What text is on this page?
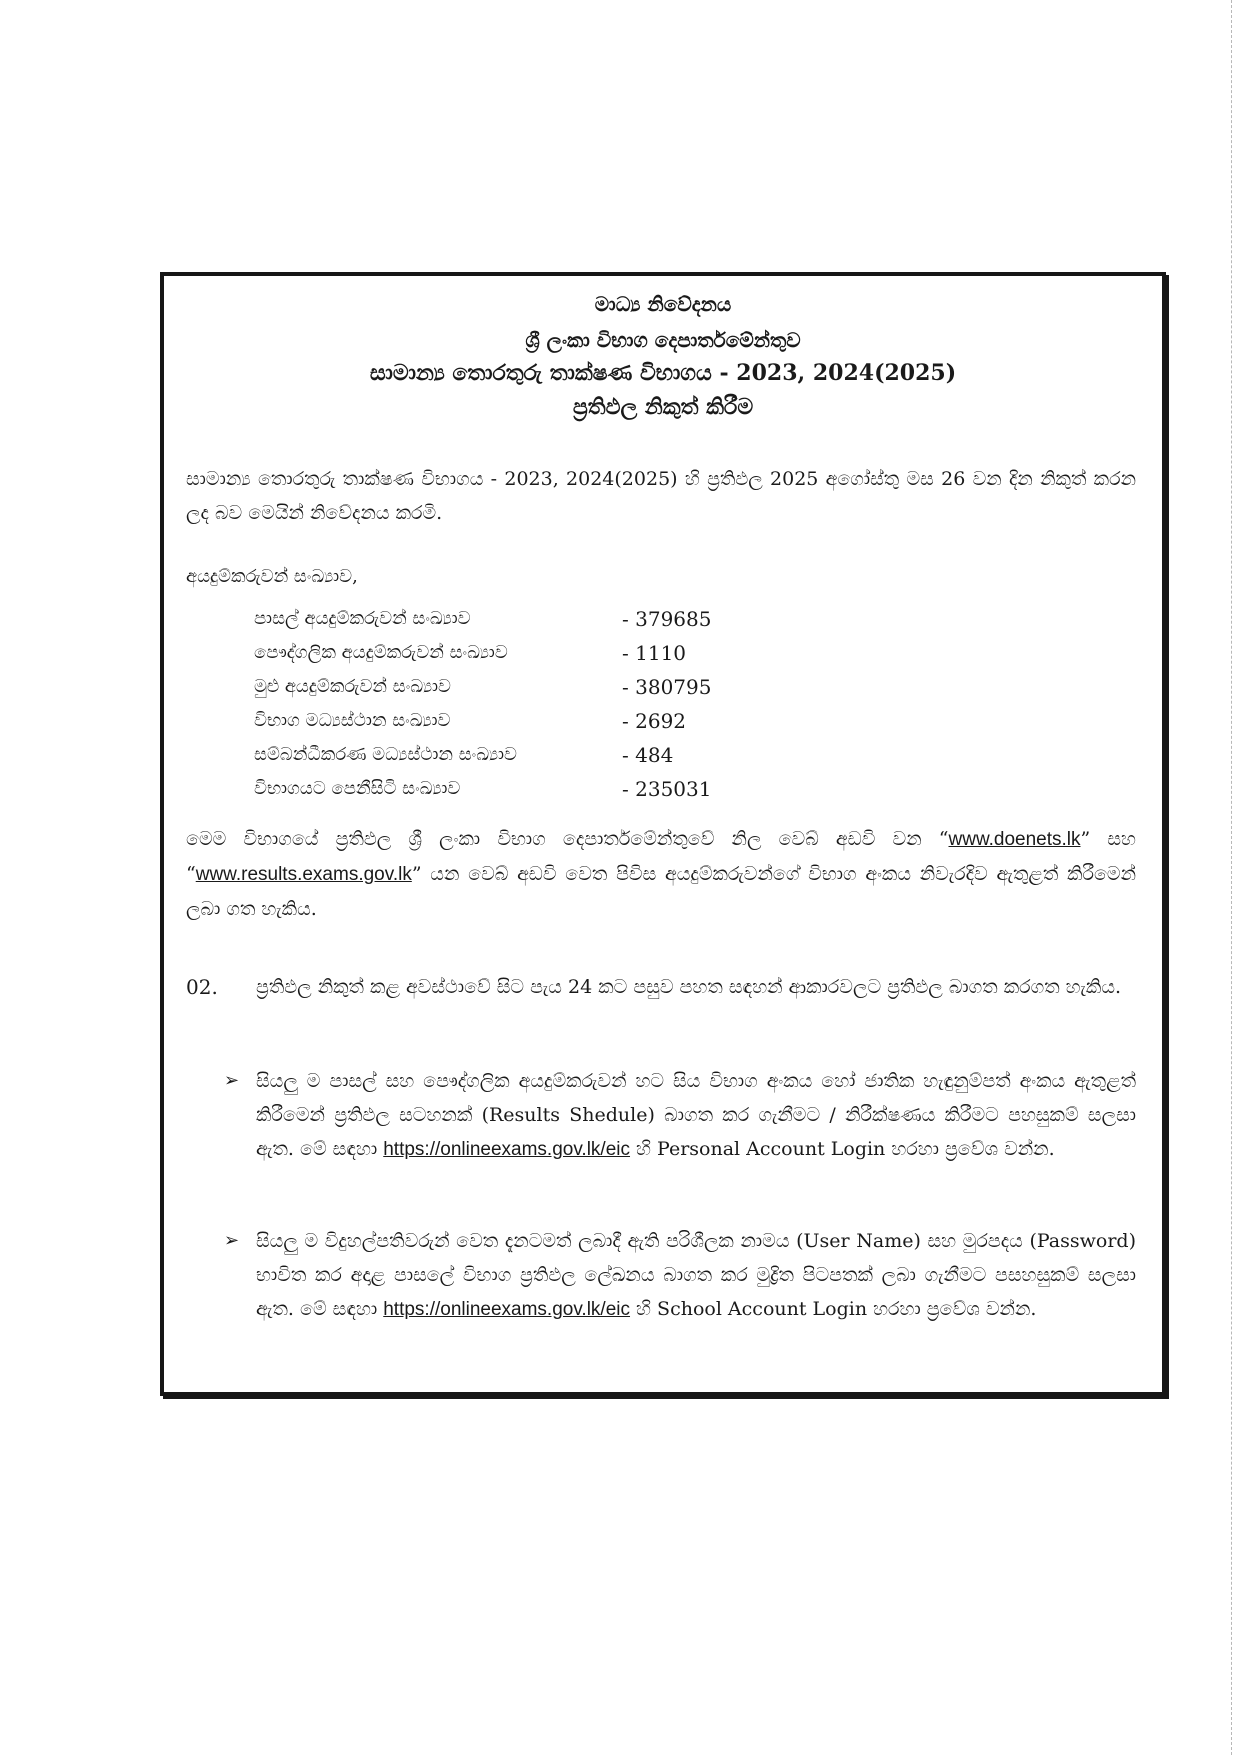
මාධ්‍ය නිවේදනය

ශ්‍රී ලංකා විභාග දෙපාර්තමේන්තුව

සාමාන්‍ය තොරතුරු තාක්ෂණ විභාගය - 2023, 2024(2025)

ප්‍රතිඵල නිකුත් කිරීම

සාමාන්‍ය තොරතුරු තාක්ෂණ විභාගය - 2023, 2024(2025) හි ප්‍රතිඵල 2025 අගෝස්තු මස 26 වන දින නිකුත් කරන ලද බව මෙයින් නිවේදනය කරමි.
අයදුම්කරුවන් සංඛ්‍යාව,
පාසල් අයදුම්කරුවන් සංඛ්‍යාව	- 379685
පෞද්ගලික අයදුම්කරුවන් සංඛ්‍යාව	- 1110
මුළු අයදුම්කරුවන් සංඛ්‍යාව	- 380795
විභාග මධ්‍යස්ථාන සංඛ්‍යාව	- 2692
සම්බන්ධීකරණ මධ්‍යස්ථාන සංඛ්‍යාව	- 484
විභාගයට පෙනීසිටි සංඛ්‍යාව	- 235031
මෙම විභාගයේ ප්‍රතිඵල ශ්‍රී ලංකා විභාග දෙපාර්තමේන්තුවේ නිල වෙබ් අඩවි වන “www.doenets.lk” සහ “www.results.exams.gov.lk” යන වෙබ් අඩවි වෙත පිවිස අයදුම්කරුවන්ගේ විභාග අංකය නිවැරදිව ඇතුළත් කිරීමෙන් ලබා ගත හැකිය.
02.	ප්‍රතිඵල නිකුත් කළ අවස්ථාවේ සිට පැය 24 කට පසුව පහත සඳහන් ආකාරවලට ප්‍රතිඵල බාගත කරගත හැකිය.
➢ සියලු ම පාසල් සහ පෞද්ගලික අයදුම්කරුවන් හට සිය විභාග අංකය හෝ ජාතික හැඳුනුම්පත් අංකය ඇතුළත් කිරීමෙන් ප්‍රතිඵල සටහනක් (Results Shedule) බාගත කර ගැනීමට / නිරීක්ෂණය කිරීමට පහසුකම් සලසා ඇත. මේ සඳහා https://onlineexams.gov.lk/eic හි Personal Account Login හරහා ප්‍රවේශ වන්න.
➢ සියලු ම විදුහල්පතිවරුන් වෙත දැනටමත් ලබාදී ඇති පරිශීලක නාමය (User Name) සහ මුරපදය (Password) භාවිත කර අදාළ පාසලේ විභාග ප්‍රතිඵල ලේඛනය බාගත කර මුද්‍රිත පිටපතක් ලබා ගැනීමට පසහසුකම් සලසා ඇත. මේ සඳහා https://onlineexams.gov.lk/eic හි School Account Login හරහා ප්‍රවේශ වන්න.
